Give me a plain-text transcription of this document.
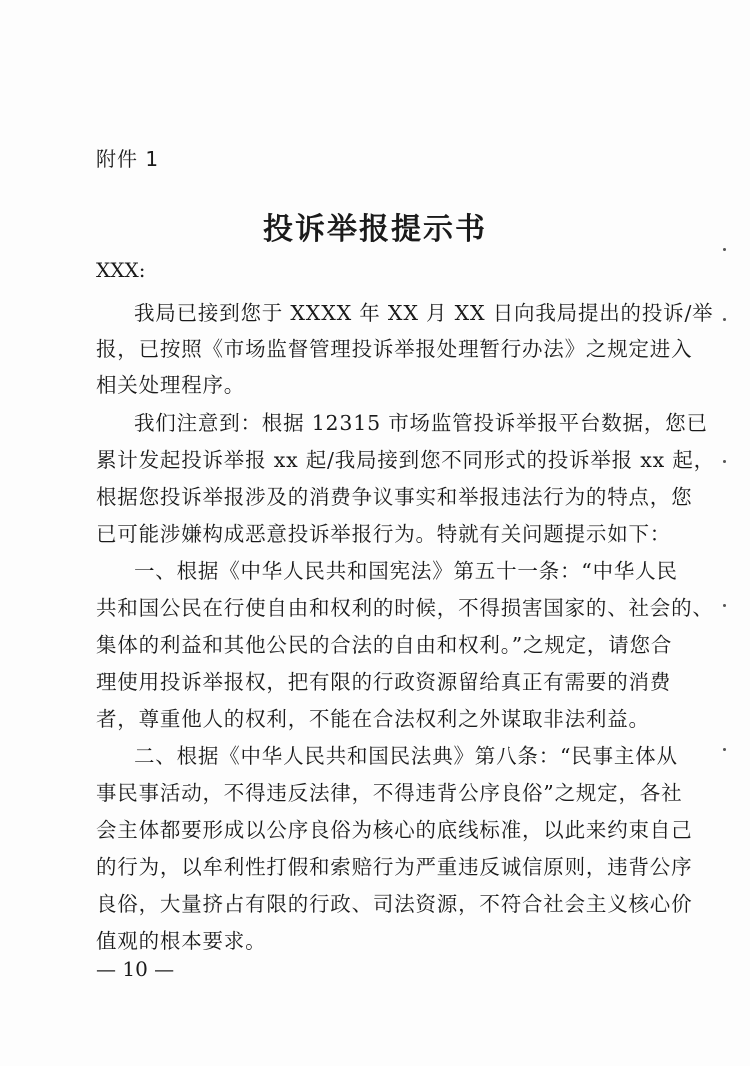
附件 1
投诉举报提示书
XXX:
我局已接到您于 XXXX 年 XX 月 XX 日向我局提出的投诉/举
报，已按照《市场监督管理投诉举报处理暂行办法》之规定进入
相关处理程序。
我们注意到：根据 12315 市场监管投诉举报平台数据，您已
累计发起投诉举报 xx 起/我局接到您不同形式的投诉举报 xx 起，
根据您投诉举报涉及的消费争议事实和举报违法行为的特点，您
已可能涉嫌构成恶意投诉举报行为。特就有关问题提示如下：
一、根据《中华人民共和国宪法》第五十一条：“中华人民
共和国公民在行使自由和权利的时候，不得损害国家的、社会的、
集体的利益和其他公民的合法的自由和权利。”之规定，请您合
理使用投诉举报权，把有限的行政资源留给真正有需要的消费
者，尊重他人的权利，不能在合法权利之外谋取非法利益。
二、根据《中华人民共和国民法典》第八条：“民事主体从
事民事活动，不得违反法律，不得违背公序良俗”之规定，各社
会主体都要形成以公序良俗为核心的底线标准，以此来约束自己
的行为，以牟利性打假和索赔行为严重违反诚信原则，违背公序
良俗，大量挤占有限的行政、司法资源，不符合社会主义核心价
值观的根本要求。
— 10 —
